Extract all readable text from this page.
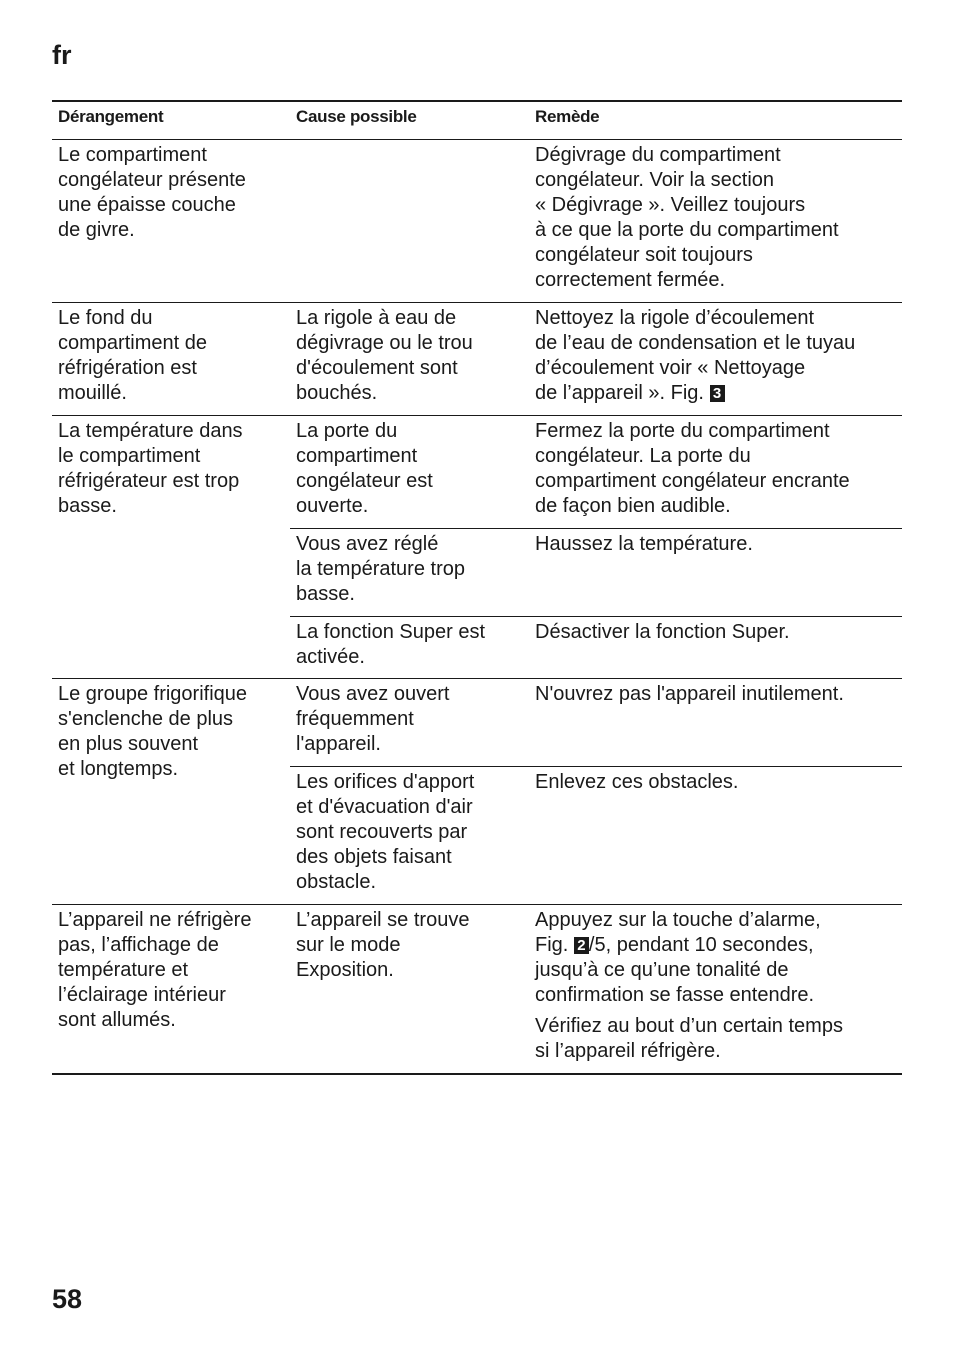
fr
Dérangement	Cause possible	Remède

Le compartiment
congélateur présente
une épaisse couche
de givre.

Dégivrage du compartiment
congélateur. Voir la section
« Dégivrage ». Veillez toujours
à ce que la porte du compartiment
congélateur soit toujours
correctement fermée.

Le fond du
compartiment de
réfrigération est
mouillé.

La rigole à eau de
dégivrage ou le trou
d'écoulement sont
bouchés.

Nettoyez la rigole d’écoulement
de l’eau de condensation et le tuyau
d’écoulement voir « Nettoyage
de l’appareil ». Fig. 3

La température dans
le compartiment
réfrigérateur est trop
basse.

La porte du
compartiment
congélateur est
ouverte.

Fermez la porte du compartiment
congélateur. La porte du
compartiment congélateur encrante
de façon bien audible.

Vous avez réglé
la température trop
basse.

Haussez la température.

La fonction Super est
activée.

Désactiver la fonction Super.

Le groupe frigorifique
s'enclenche de plus
en plus souvent
et longtemps.

Vous avez ouvert
fréquemment
l'appareil.

N'ouvrez pas l'appareil inutilement.

Les orifices d'apport
et d'évacuation d'air
sont recouverts par
des objets faisant
obstacle.

Enlevez ces obstacles.

L’appareil ne réfrigère
pas, l’affichage de
température et
l’éclairage intérieur
sont allumés.

L’appareil se trouve
sur le mode
Exposition.

Appuyez sur la touche d’alarme,
Fig. 2 /5, pendant 10 secondes,
jusqu’à ce qu’une tonalité de
confirmation se fasse entendre.

Vérifiez au bout d’un certain temps
si l’appareil réfrigère.

58
